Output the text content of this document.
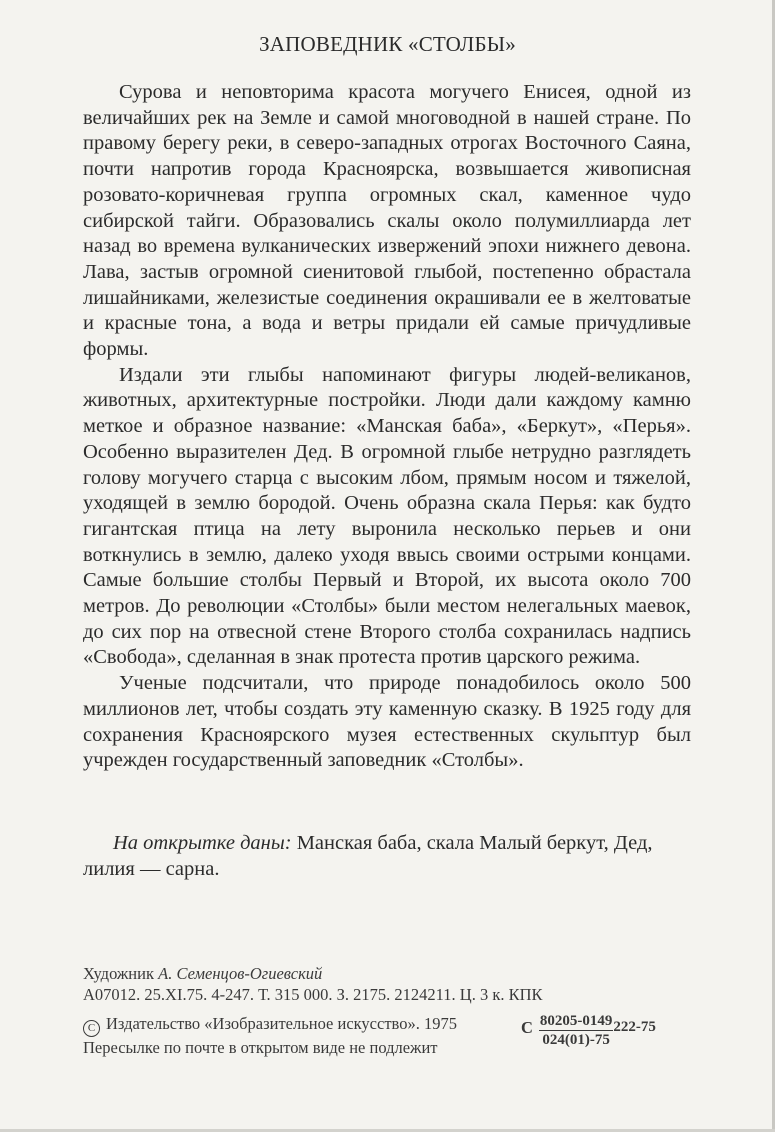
ЗАПОВЕДНИК «СТОЛБЫ»

Сурова и неповторима красота могучего Енисея, одной из величайших рек на Земле и самой многоводной в нашей стране. По правому берегу реки, в северо-западных отрогах Восточного Саяна, почти напротив города Красноярска, возвышается живописная розовато-коричневая группа огромных скал, каменное чудо сибирской тайги. Образовались скалы около полумиллиарда лет назад во времена вулканических извержений эпохи нижнего девона. Лава, застыв огромной сиенитовой глыбой, постепенно обрастала лишайниками, железистые соединения окрашивали ее в желтоватые и красные тона, а вода и ветры придали ей самые причудливые формы.

Издали эти глыбы напоминают фигуры людей-великанов, животных, архитектурные постройки. Люди дали каждому камню меткое и образное название: «Манская баба», «Беркут», «Перья». Особенно выразителен Дед. В огромной глыбе нетрудно разглядеть голову могучего старца с высоким лбом, прямым носом и тяжелой, уходящей в землю бородой. Очень образна скала Перья: как будто гигантская птица на лету выронила несколько перьев и они воткнулись в землю, далеко уходя ввысь своими острыми концами. Самые большие столбы Первый и Второй, их высота около 700 метров. До революции «Столбы» были местом нелегальных маевок, до сих пор на отвесной стене Второго столба сохранилась надпись «Свобода», сделанная в знак протеста против царского режима.

Ученые подсчитали, что природе понадобилось около 500 миллионов лет, чтобы создать эту каменную сказку. В 1925 году для сохранения Красноярского музея естественных скульптур был учрежден государственный заповедник «Столбы».

На открытке даны: Манская баба, скала Малый беркут, Дед, лилия — сарна.
Художник А. Семенцов-Огиевский
А07012. 25.XI.75. 4-247. Т. 315 000. З. 2175. 2124211. Ц. 3 к. КПК
C Издательство «Изобразительное искусство». 1975	С $\frac{80205-0149}{024(01)-75} 222-75$
Пересылке по почте в открытом виде не подлежит
